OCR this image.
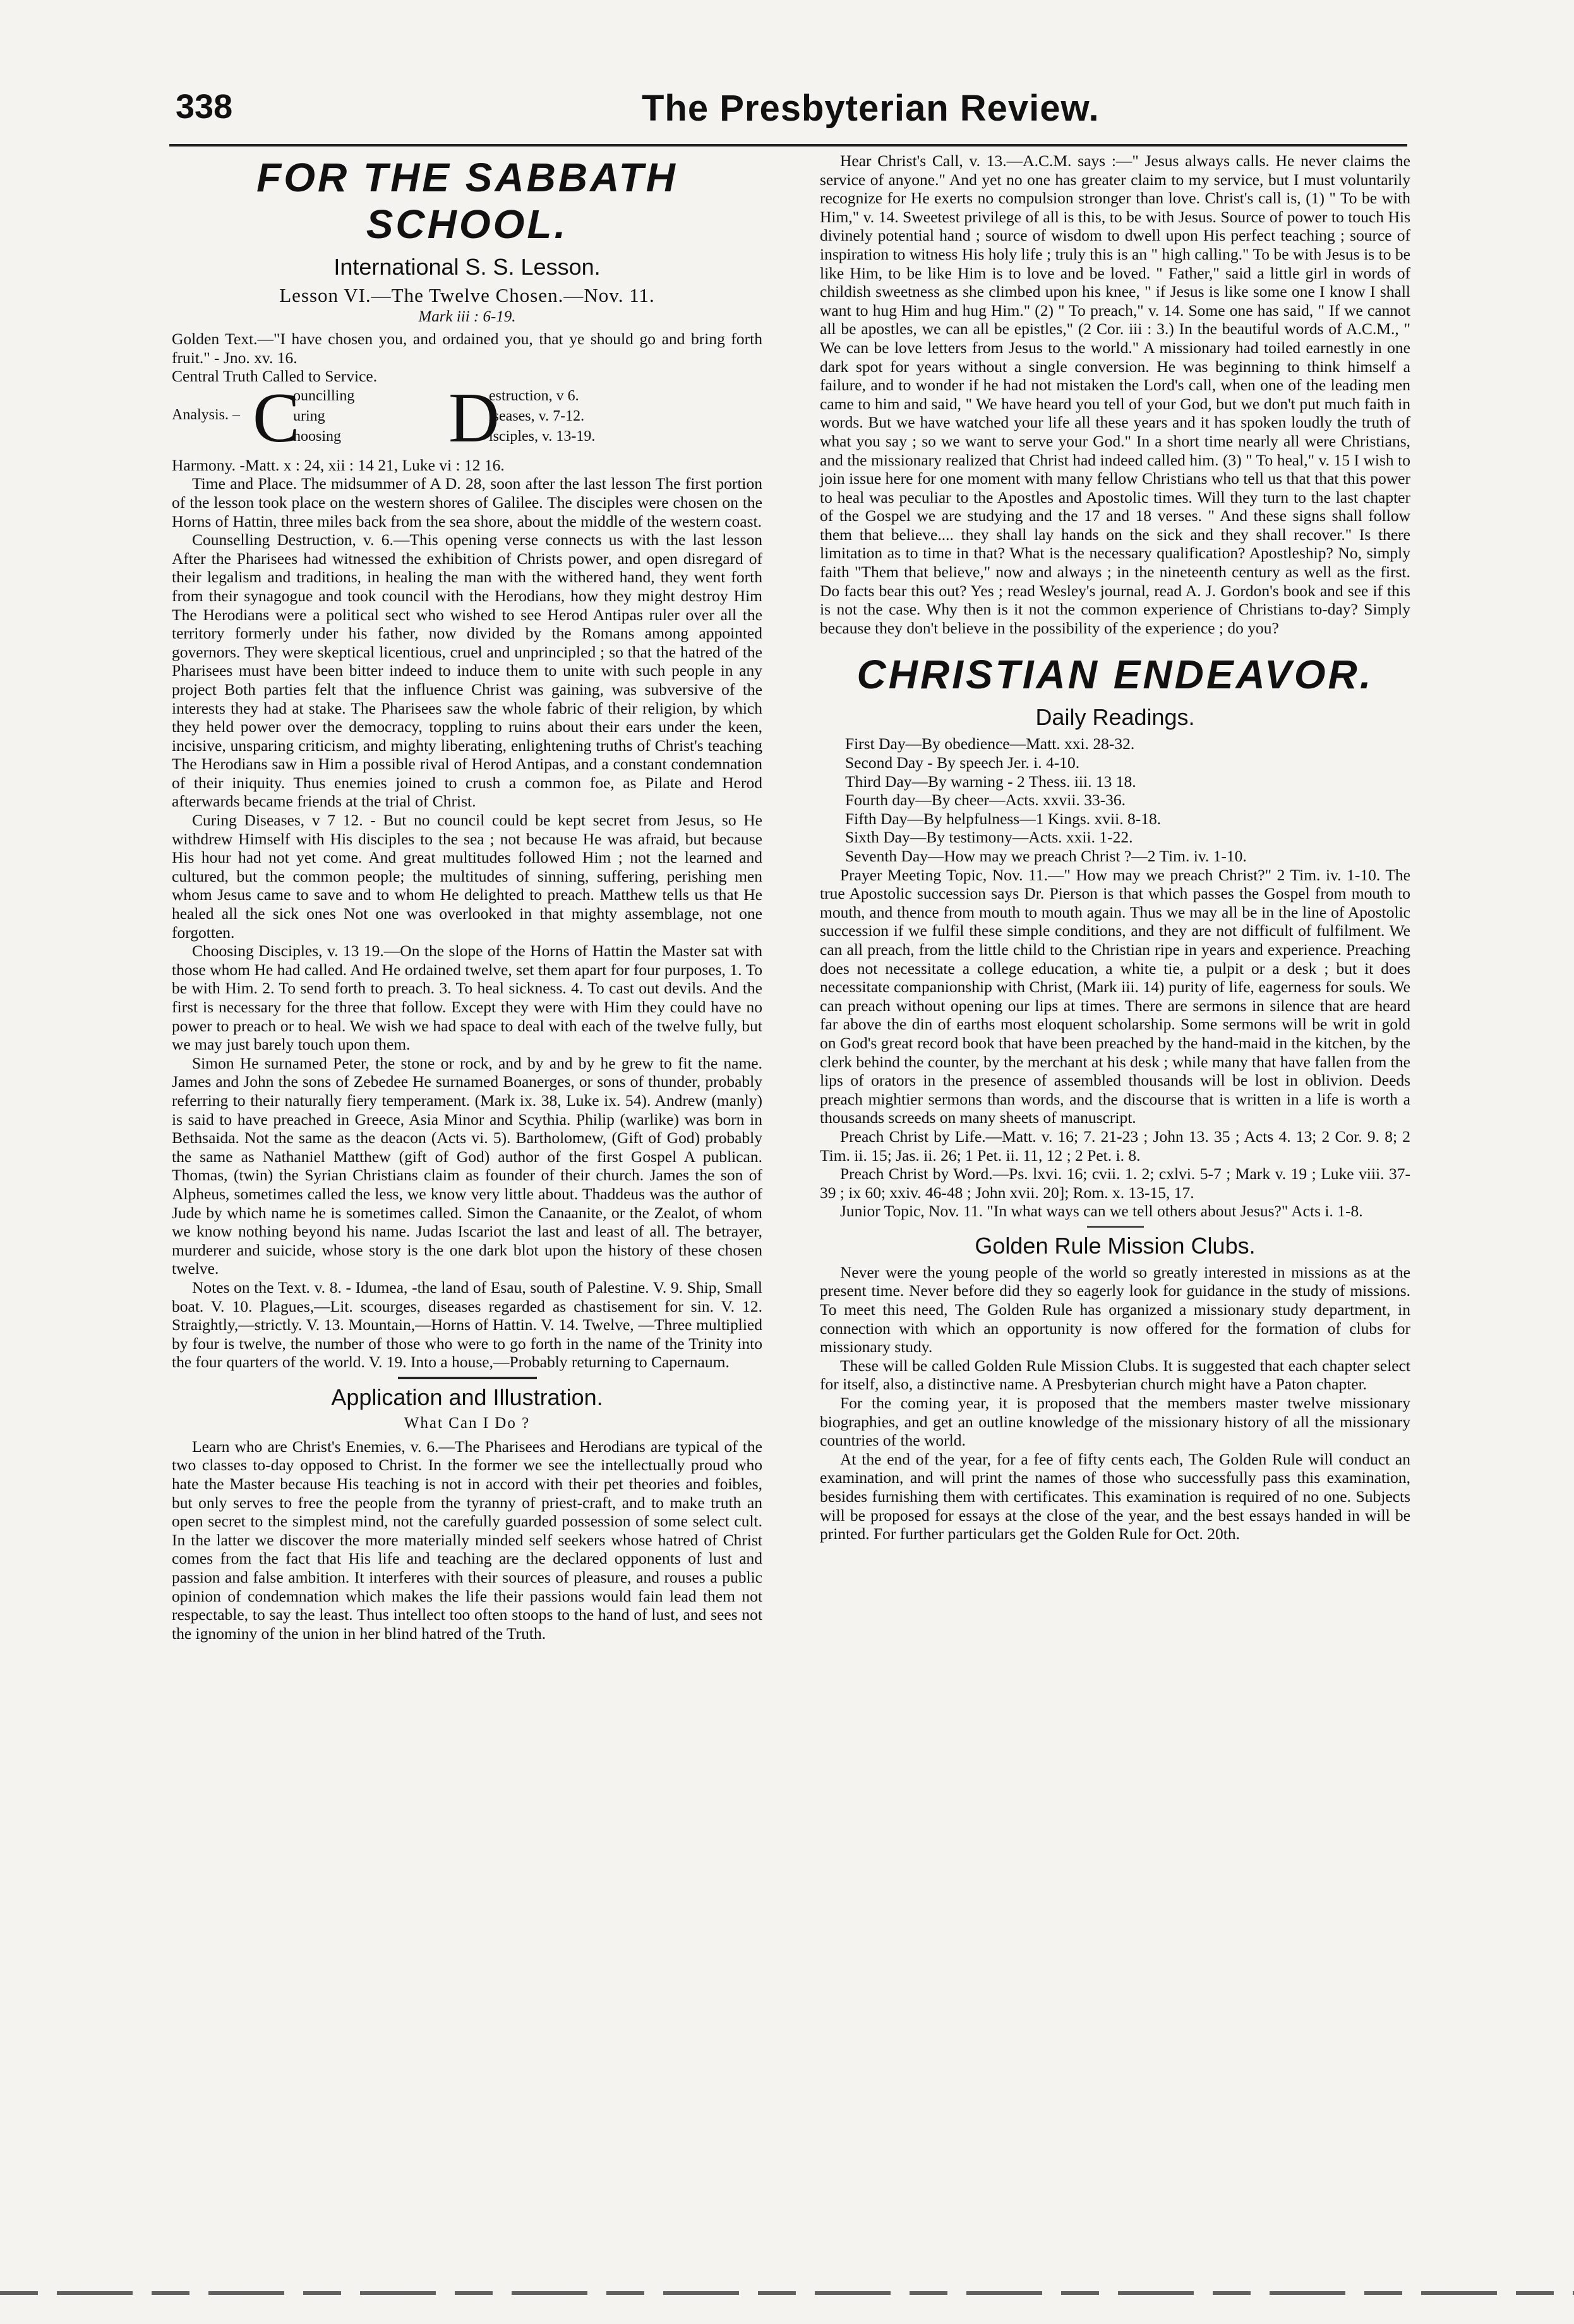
338	The Presbyterian Review.
FOR THE SABBATH SCHOOL.
International S. S. Lesson.
Lesson VI.—The Twelve Chosen.—Nov. 11.
Mark iii : 6-19.

Golden Text.—"I have chosen you, and ordained you, that ye should go and bring forth fruit." - Jno. xv. 16.

Central Truth Called to Service.

Analysis. – C
ouncilling
uring
hoosing D
estruction, v 6.
iseases, v. 7-12.
isciples, v. 13-19.

Harmony. -Matt. x : 24, xii : 14 21, Luke vi : 12 16.

Time and Place. The midsummer of A D. 28, soon after the last lesson The first portion of the lesson took place on the western shores of Galilee. The disciples were chosen on the Horns of Hattin, three miles back from the sea shore, about the middle of the western coast.

Counselling Destruction, v. 6.—This opening verse connects us with the last lesson After the Pharisees had witnessed the exhibition of Christs power, and open disregard of their legalism and traditions, in healing the man with the withered hand, they went forth from their synagogue and took council with the Herodians, how they might destroy Him The Herodians were a political sect who wished to see Herod Antipas ruler over all the territory formerly under his father, now divided by the Romans among appointed governors. They were skeptical licentious, cruel and unprincipled ; so that the hatred of the Pharisees must have been bitter indeed to induce them to unite with such people in any project Both parties felt that the influence Christ was gaining, was subversive of the interests they had at stake. The Pharisees saw the whole fabric of their religion, by which they held power over the democracy, toppling to ruins about their ears under the keen, incisive, unsparing criticism, and mighty liberating, enlightening truths of Christ's teaching The Herodians saw in Him a possible rival of Herod Antipas, and a constant condemnation of their iniquity. Thus enemies joined to crush a common foe, as Pilate and Herod afterwards became friends at the trial of Christ.

Curing Diseases, v 7 12. - But no council could be kept secret from Jesus, so He withdrew Himself with His disciples to the sea ; not because He was afraid, but because His hour had not yet come. And great multitudes followed Him ; not the learned and cultured, but the common people; the multitudes of sinning, suffering, perishing men whom Jesus came to save and to whom He delighted to preach. Matthew tells us that He healed all the sick ones Not one was overlooked in that mighty assemblage, not one forgotten.

Choosing Disciples, v. 13 19.—On the slope of the Horns of Hattin the Master sat with those whom He had called. And He ordained twelve, set them apart for four purposes, 1. To be with Him. 2. To send forth to preach. 3. To heal sickness. 4. To cast out devils. And the first is necessary for the three that follow. Except they were with Him they could have no power to preach or to heal. We wish we had space to deal with each of the twelve fully, but we may just barely touch upon them.

Simon He surnamed Peter, the stone or rock, and by and by he grew to fit the name. James and John the sons of Zebedee He surnamed Boanerges, or sons of thunder, probably referring to their naturally fiery temperament. (Mark ix. 38, Luke ix. 54). Andrew (manly) is said to have preached in Greece, Asia Minor and Scythia. Philip (warlike) was born in Bethsaida. Not the same as the deacon (Acts vi. 5). Bartholomew, (Gift of God) probably the same as Nathaniel Matthew (gift of God) author of the first Gospel A publican. Thomas, (twin) the Syrian Christians claim as founder of their church. James the son of Alpheus, sometimes called the less, we know very little about. Thaddeus was the author of Jude by which name he is sometimes called. Simon the Canaanite, or the Zealot, of whom we know nothing beyond his name. Judas Iscariot the last and least of all. The betrayer, murderer and suicide, whose story is the one dark blot upon the history of these chosen twelve.

Notes on the Text. v. 8. - Idumea, -the land of Esau, south of Palestine. V. 9. Ship, Small boat. V. 10. Plagues,—Lit. scourges, diseases regarded as chastisement for sin. V. 12. Straightly,—strictly. V. 13. Mountain,—Horns of Hattin. V. 14. Twelve, —Three multiplied by four is twelve, the number of those who were to go forth in the name of the Trinity into the four quarters of the world. V. 19. Into a house,—Probably returning to Capernaum.

Application and Illustration.
What Can I Do ?

Learn who are Christ's Enemies, v. 6.—The Pharisees and Herodians are typical of the two classes to-day opposed to Christ. In the former we see the intellectually proud who hate the Master because His teaching is not in accord with their pet theories and foibles, but only serves to free the people from the tyranny of priest-craft, and to make truth an open secret to the simplest mind, not the carefully guarded possession of some select cult. In the latter we discover the more materially minded self seekers whose hatred of Christ comes from the fact that His life and teaching are the declared opponents of lust and passion and false ambition. It interferes with their sources of pleasure, and rouses a public opinion of condemnation which makes the life their passions would fain lead them not respectable, to say the least. Thus intellect too often stoops to the hand of lust, and sees not the ignominy of the union in her blind hatred of the Truth.

Hear Christ's Call, v. 13.—A.C.M. says :—" Jesus always calls. He never claims the service of anyone." And yet no one has greater claim to my service, but I must voluntarily recognize for He exerts no compulsion stronger than love. Christ's call is, (1) " To be with Him," v. 14. Sweetest privilege of all is this, to be with Jesus. Source of power to touch His divinely potential hand ; source of wisdom to dwell upon His perfect teaching ; source of inspiration to witness His holy life ; truly this is an " high calling." To be with Jesus is to be like Him, to be like Him is to love and be loved. " Father," said a little girl in words of childish sweetness as she climbed upon his knee, " if Jesus is like some one I know I shall want to hug Him and hug Him." (2) " To preach," v. 14. Some one has said, " If we cannot all be apostles, we can all be epistles," (2 Cor. iii : 3.) In the beautiful words of A.C.M., " We can be love letters from Jesus to the world." A missionary had toiled earnestly in one dark spot for years without a single conversion. He was beginning to think himself a failure, and to wonder if he had not mistaken the Lord's call, when one of the leading men came to him and said, " We have heard you tell of your God, but we don't put much faith in words. But we have watched your life all these years and it has spoken loudly the truth of what you say ; so we want to serve your God." In a short time nearly all were Christians, and the missionary realized that Christ had indeed called him. (3) " To heal," v. 15 I wish to join issue here for one moment with many fellow Christians who tell us that that this power to heal was peculiar to the Apostles and Apostolic times. Will they turn to the last chapter of the Gospel we are studying and the 17 and 18 verses. " And these signs shall follow them that believe.... they shall lay hands on the sick and they shall recover." Is there limitation as to time in that? What is the necessary qualification? Apostleship? No, simply faith "Them that believe," now and always ; in the nineteenth century as well as the first. Do facts bear this out? Yes ; read Wesley's journal, read A. J. Gordon's book and see if this is not the case. Why then is it not the common experience of Christians to-day? Simply because they don't believe in the possibility of the experience ; do you?

CHRISTIAN ENDEAVOR.
Daily Readings.
First Day—By obedience—Matt. xxi. 28-32.
Second Day - By speech Jer. i. 4-10.
Third Day—By warning - 2 Thess. iii. 13 18.
Fourth day—By cheer—Acts. xxvii. 33-36.
Fifth Day—By helpfulness—1 Kings. xvii. 8-18.
Sixth Day—By testimony—Acts. xxii. 1-22.
Seventh Day—How may we preach Christ ?—2 Tim. iv. 1-10.

Prayer Meeting Topic, Nov. 11.—" How may we preach Christ?" 2 Tim. iv. 1-10. The true Apostolic succession says Dr. Pierson is that which passes the Gospel from mouth to mouth, and thence from mouth to mouth again. Thus we may all be in the line of Apostolic succession if we fulfil these simple conditions, and they are not difficult of fulfilment. We can all preach, from the little child to the Christian ripe in years and experience. Preaching does not necessitate a college education, a white tie, a pulpit or a desk ; but it does necessitate companionship with Christ, (Mark iii. 14) purity of life, eagerness for souls. We can preach without opening our lips at times. There are sermons in silence that are heard far above the din of earths most eloquent scholarship. Some sermons will be writ in gold on God's great record book that have been preached by the hand-maid in the kitchen, by the clerk behind the counter, by the merchant at his desk ; while many that have fallen from the lips of orators in the presence of assembled thousands will be lost in oblivion. Deeds preach mightier sermons than words, and the discourse that is written in a life is worth a thousands screeds on many sheets of manuscript.

Preach Christ by Life.—Matt. v. 16; 7. 21-23 ; John 13. 35 ; Acts 4. 13; 2 Cor. 9. 8; 2 Tim. ii. 15; Jas. ii. 26; 1 Pet. ii. 11, 12 ; 2 Pet. i. 8.

Preach Christ by Word.—Ps. lxvi. 16; cvii. 1. 2; cxlvi. 5-7 ; Mark v. 19 ; Luke viii. 37-39 ; ix 60; xxiv. 46-48 ; John xvii. 20]; Rom. x. 13-15, 17.

Junior Topic, Nov. 11. "In what ways can we tell others about Jesus?" Acts i. 1-8.

Golden Rule Mission Clubs.

Never were the young people of the world so greatly interested in missions as at the present time. Never before did they so eagerly look for guidance in the study of missions. To meet this need, The Golden Rule has organized a missionary study department, in connection with which an opportunity is now offered for the formation of clubs for missionary study.

These will be called Golden Rule Mission Clubs. It is suggested that each chapter select for itself, also, a distinctive name. A Presbyterian church might have a Paton chapter.

For the coming year, it is proposed that the members master twelve missionary biographies, and get an outline knowledge of the missionary history of all the missionary countries of the world.

At the end of the year, for a fee of fifty cents each, The Golden Rule will conduct an examination, and will print the names of those who successfully pass this examination, besides furnishing them with certificates. This examination is required of no one. Subjects will be proposed for essays at the close of the year, and the best essays handed in will be printed. For further particulars get the Golden Rule for Oct. 20th.
